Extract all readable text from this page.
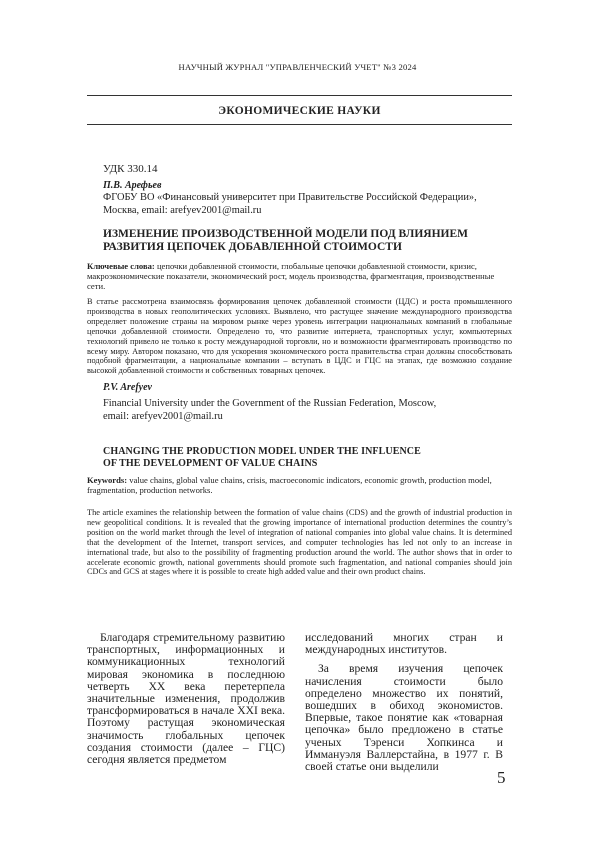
НАУЧНЫЙ ЖУРНАЛ "УПРАВЛЕНЧЕСКИЙ УЧЕТ" №3 2024
ЭКОНОМИЧЕСКИЕ НАУКИ
УДК 330.14
П.В. Арефьев
ФГОБУ ВО «Финансовый университет при Правительстве Российской Федерации»,
Москва, email: arefyev2001@mail.ru
ИЗМЕНЕНИЕ ПРОИЗВОДСТВЕННОЙ МОДЕЛИ ПОД ВЛИЯНИЕМ
РАЗВИТИЯ ЦЕПОЧЕК ДОБАВЛЕННОЙ СТОИМОСТИ
Ключевые слова: цепочки добавленной стоимости, глобальные цепочки добавленной стоимости, кризис, макроэкономические показатели, экономический рост, модель производства, фрагментация, производственные сети.
В статье рассмотрена взаимосвязь формирования цепочек добавленной стоимости (ЦДС) и роста промышленного производства в новых геополитических условиях. Выявлено, что растущее значение международного производства определяет положение страны на мировом рынке через уровень интеграции национальных компаний в глобальные цепочки добавленной стоимости. Определено то, что развитие интернета, транспортных услуг, компьютерных технологий привело не только к росту международной торговли, но и возможности фрагментировать производство по всему миру. Автором показано, что для ускорения экономического роста правительства стран должны способствовать подобной фрагментации, а национальные компании – вступать в ЦДС и ГЦС на этапах, где возможно создание высокой добавленной стоимости и собственных товарных цепочек.
P.V. Arefyev
Financial University under the Government of the Russian Federation, Moscow,
email: arefyev2001@mail.ru
CHANGING THE PRODUCTION MODEL UNDER THE INFLUENCE
OF THE DEVELOPMENT OF VALUE CHAINS
Keywords: value chains, global value chains, crisis, macroeconomic indicators, economic growth, production model, fragmentation, production networks.
The article examines the relationship between the formation of value chains (CDS) and the growth of industrial production in new geopolitical conditions. It is revealed that the growing importance of international production determines the country’s position on the world market through the level of integration of national companies into global value chains. It is determined that the development of the Internet, transport services, and computer technologies has led not only to an increase in international trade, but also to the possibility of fragmenting production around the world. The author shows that in order to accelerate economic growth, national governments should promote such fragmentation, and national companies should join CDCs and GCS at stages where it is possible to create high added value and their own product chains.

Благодаря стремительному развитию транспортных, информационных и коммуникационных технологий мировая экономика в последнюю четверть XX века перетерпела значительные изменения, продолжив трансформироваться в начале XXI века. Поэтому растущая экономическая значимость глобальных цепочек создания стоимости (далее – ГЦС) сегодня является предметом

исследований многих стран и международных институтов.

За время изучения цепочек начисления стоимости было определено множество их понятий, вошедших в обиход экономистов. Впервые, такое понятие как «товарная цепочка» было предложено в статье ученых Тэренси Хопкинса и Иммануэля Валлерстайна, в 1977 г. В своей статье они выделили

5
